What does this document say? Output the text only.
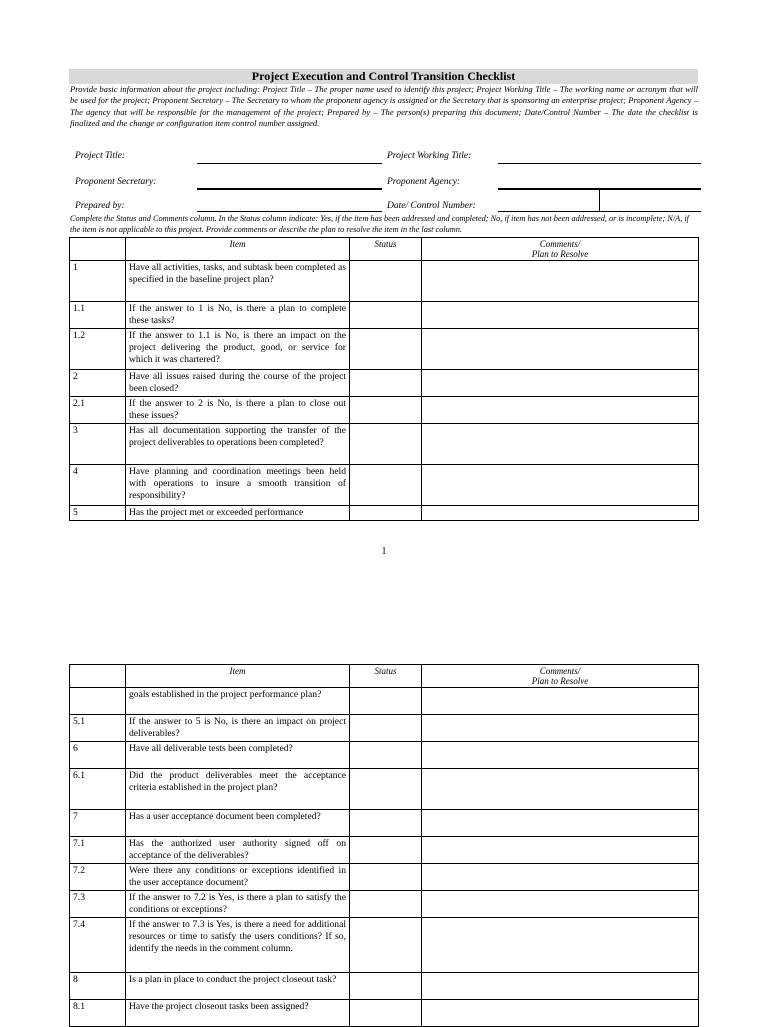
Project Execution and Control Transition Checklist
Provide basic information about the project including: Project Title – The proper name used to identify this project; Project Working Title – The working name or acronym that will be used for the project; Proponent Secretary – The Secretary to whom the proponent agency is assigned or the Secretary that is sponsoring an enterprise project; Proponent Agency – The agency that will be responsible for the management of the project; Prepared by – The person(s) preparing this document; Date/Control Number – The date the checklist is finalized and the change or configuration item control number assigned.
Project Title:	Project Working Title:
Proponent Secretary:	Proponent Agency:
Prepared by:	Date/ Control Number:
Complete the Status and Comments column. In the Status column indicate: Yes, if the item has been addressed and completed; No, if item has not been addressed, or is incomplete; N/A, if the item is not applicable to this project. Provide comments or describe the plan to resolve the item in the last column.
	Item	Status	Comments/
Plan to Resolve
1	Have all activities, tasks, and subtask been completed as specified in the baseline project plan?		
1.1	If the answer to 1 is No, is there a plan to complete these tasks?		
1.2	If the answer to 1.1 is No, is there an impact on the project delivering the product, good, or service for which it was chartered?		
2	Have all issues raised during the course of the project been closed?		
2.1	If the answer to 2 is No, is there a plan to close out these issues?		
3	Has all documentation supporting the transfer of the project deliverables to operations been completed?		
4	Have planning and coordination meetings been held with operations to insure a smooth transition of responsibility?		
5	Has the project met or exceeded performance		
1
	Item	Status	Comments/
Plan to Resolve
	goals established in the project performance plan?		
5.1	If the answer to 5 is No, is there an impact on project deliverables?		
6	Have all deliverable tests been completed?		
6.1	Did the product deliverables meet the acceptance criteria established in the project plan?		
7	Has a user acceptance document been completed?		
7.1	Has the authorized user authority signed off on acceptance of the deliverables?		
7.2	Were there any conditions or exceptions identified in the user acceptance document?		
7.3	If the answer to 7.2 is Yes, is there a plan to satisfy the conditions or exceptions?		
7.4	If the answer to 7.3 is Yes, is there a need for additional resources or time to satisfy the users conditions? If so, identify the needs in the comment column.		
8	Is a plan in place to conduct the project closeout task?		
8.1	Have the project closeout tasks been assigned?		
